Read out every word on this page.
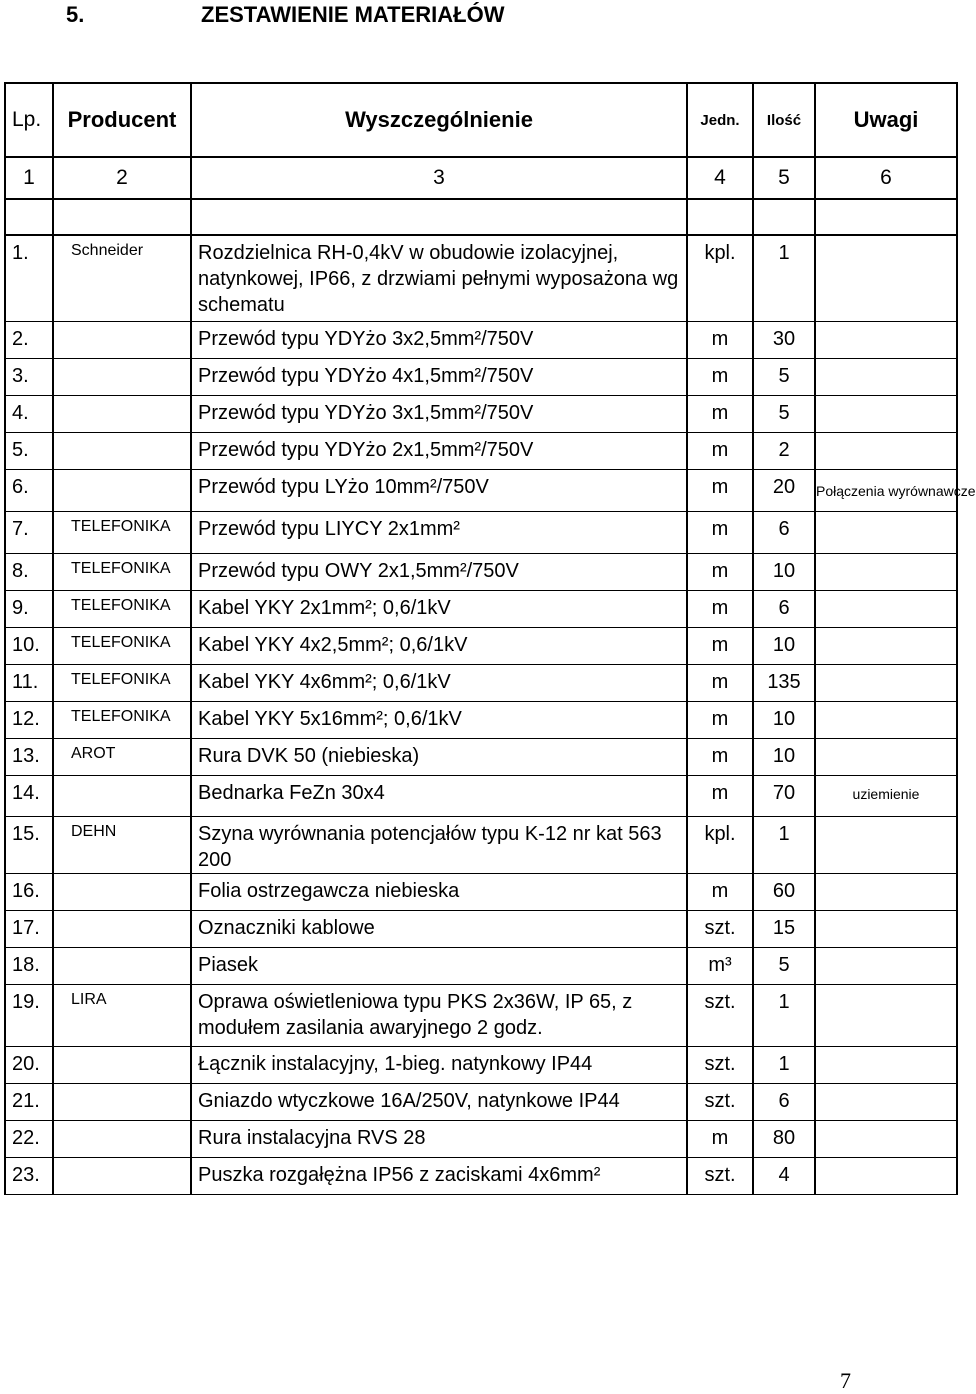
5.	ZESTAWIENIE MATERIAŁÓW
Lp.	Producent	Wyszczególnienie	Jedn.	Ilość	Uwagi
1	2	3	4	5	6

1.	Schneider	Rozdzielnica RH-0,4kV w obudowie izolacyjnej, natynkowej, IP66, z drzwiami pełnymi wyposażona wg schematu	kpl.	1	
2.		Przewód typu YDYżo 3x2,5mm²/750V	m	30	
3.		Przewód typu YDYżo 4x1,5mm²/750V	m	5	
4.		Przewód typu YDYżo 3x1,5mm²/750V	m	5	
5.		Przewód typu YDYżo 2x1,5mm²/750V	m	2	
6.		Przewód typu LYżo 10mm²/750V	m	20	Połączenia wyrównawcze
7.	TELEFONIKA	Przewód typu LIYCY 2x1mm²	m	6	
8.	TELEFONIKA	Przewód typu OWY 2x1,5mm²/750V	m	10	
9.	TELEFONIKA	Kabel YKY 2x1mm²; 0,6/1kV	m	6	
10.	TELEFONIKA	Kabel YKY 4x2,5mm²; 0,6/1kV	m	10	
11.	TELEFONIKA	Kabel YKY 4x6mm²; 0,6/1kV	m	135	
12.	TELEFONIKA	Kabel YKY 5x16mm²; 0,6/1kV	m	10	
13.	AROT	Rura DVK 50 (niebieska)	m	10	
14.		Bednarka FeZn 30x4	m	70	uziemienie
15.	DEHN	Szyna wyrównania potencjałów typu K-12 nr kat 563 200	kpl.	1	
16.		Folia ostrzegawcza niebieska	m	60	
17.		Oznaczniki kablowe	szt.	15	
18.		Piasek	m³	5	
19.	LIRA	Oprawa oświetleniowa typu PKS 2x36W, IP 65, z modułem zasilania awaryjnego 2 godz.	szt.	1	
20.		Łącznik instalacyjny, 1-bieg. natynkowy IP44	szt.	1	
21.		Gniazdo wtyczkowe 16A/250V, natynkowe IP44	szt.	6	
22.		Rura instalacyjna RVS 28	m	80	
23.		Puszka rozgałężna IP56 z zaciskami 4x6mm²	szt.	4	
7
